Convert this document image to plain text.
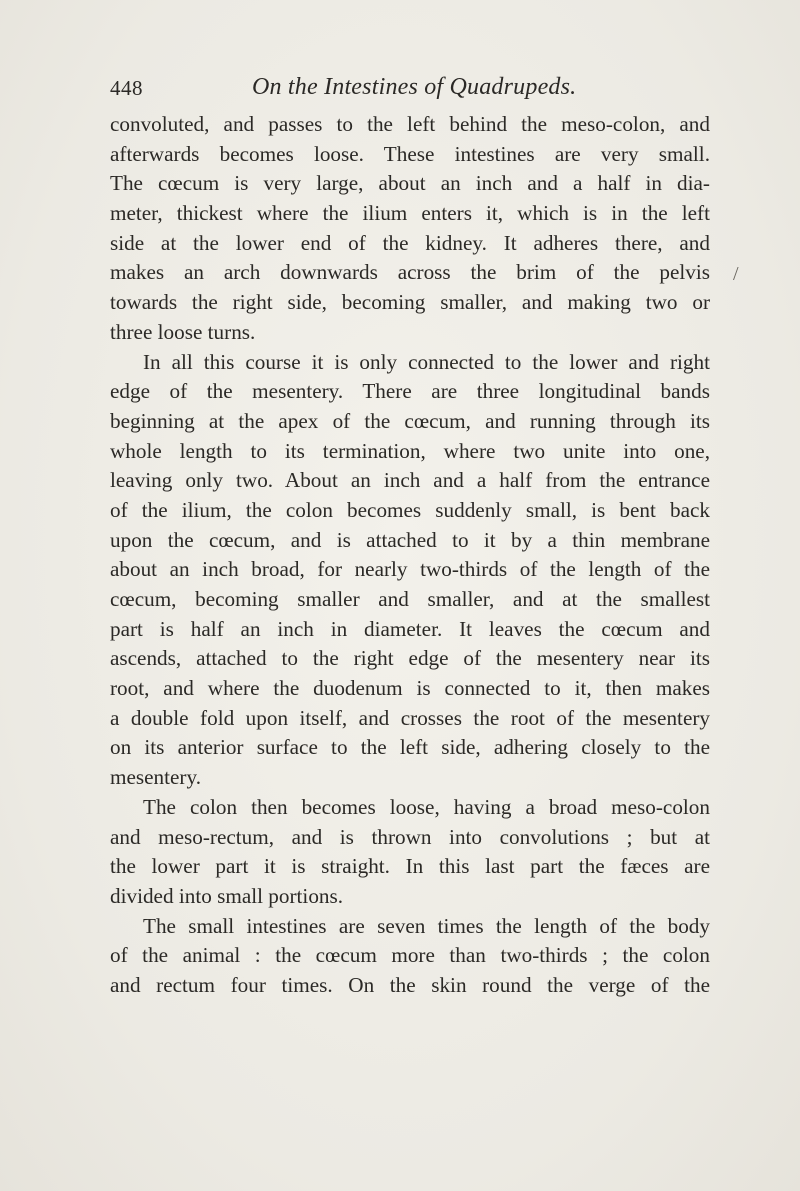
448	On the Intestines of Quadrupeds.
/
convoluted, and passes to the left behind the meso-colon, and
afterwards becomes loose. These intestines are very small.
The cœcum is very large, about an inch and a half in dia-
meter, thickest where the ilium enters it, which is in the left
side at the lower end of the kidney. It adheres there, and
makes an arch downwards across the brim of the pelvis
towards the right side, becoming smaller, and making two or
three loose turns.
In all this course it is only connected to the lower and right
edge of the mesentery. There are three longitudinal bands
beginning at the apex of the cœcum, and running through its
whole length to its termination, where two unite into one,
leaving only two. About an inch and a half from the entrance
of the ilium, the colon becomes suddenly small, is bent back
upon the cœcum, and is attached to it by a thin membrane
about an inch broad, for nearly two-thirds of the length of the
cœcum, becoming smaller and smaller, and at the smallest
part is half an inch in diameter. It leaves the cœcum and
ascends, attached to the right edge of the mesentery near its
root, and where the duodenum is connected to it, then makes
a double fold upon itself, and crosses the root of the mesentery
on its anterior surface to the left side, adhering closely to the
mesentery.
The colon then becomes loose, having a broad meso-colon
and meso-rectum, and is thrown into convolutions ; but at
the lower part it is straight. In this last part the fæces are
divided into small portions.
The small intestines are seven times the length of the body
of the animal : the cœcum more than two-thirds ; the colon
and rectum four times. On the skin round the verge of the
